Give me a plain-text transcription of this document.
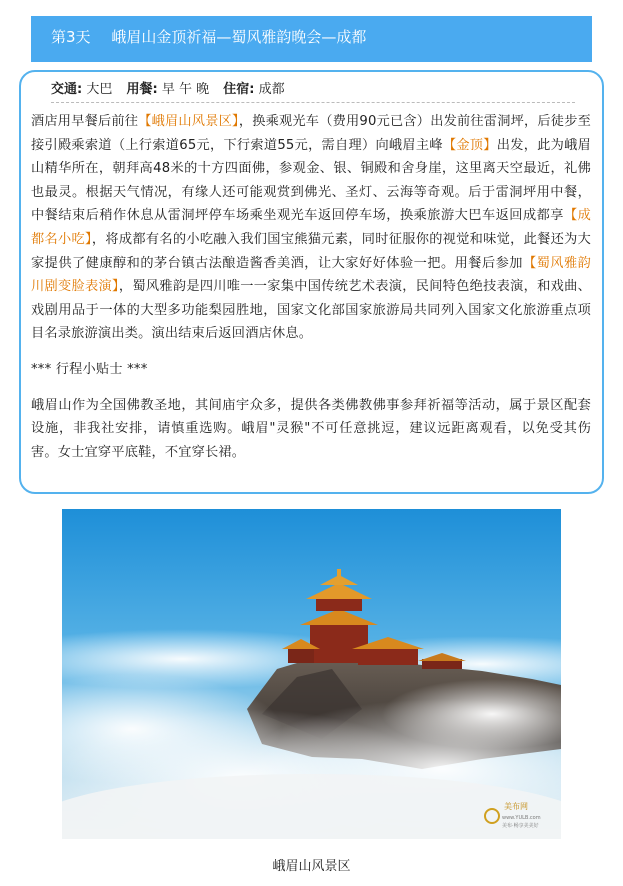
第3天 峨眉山金顶祈福—蜀风雅韵晚会—成都
交通: 大巴 用餐: 早 午 晚 住宿: 成都

酒店用早餐后前往【峨眉山风景区】，换乘观光车（费用90元已含）出发前往雷洞坪，后徒步至接引殿乘索道（上行索道65元，下行索道55元，需自理）向峨眉主峰【金顶】出发，此为峨眉山精华所在，朝拜高48米的十方四面佛，参观金、银、铜殿和舍身崖，这里离天空最近，礼佛也最灵。根据天气情况，有缘人还可能观赏到佛光、圣灯、云海等奇观。后于雷洞坪用中餐，中餐结束后稍作休息从雷洞坪停车场乘坐观光车返回停车场，换乘旅游大巴车返回成都享【成都名小吃】，将成都有名的小吃融入我们国宝熊猫元素，同时征服你的视觉和味觉，此餐还为大家提供了健康醇和的茅台镇古法酿造酱香美酒，让大家好好体验一把。用餐后参加【蜀风雅韵川剧变脸表演】，蜀风雅韵是四川唯一一家集中国传统艺术表演，民间特色绝技表演，和戏曲、戏剧用品于一体的大型多功能梨园胜地，国家文化部国家旅游局共同列入国家文化旅游重点项目名录旅游演出类。演出结束后返回酒店休息。

*** 行程小贴士 ***

峨眉山作为全国佛教圣地，其间庙宇众多，提供各类佛教佛事参拜祈福等活动，属于景区配套设施，非我社安排，请慎重选购。峨眉"灵猴"不可任意挑逗，建议远距离观看，以免受其伤害。女士宜穿平底鞋，不宜穿长裙。

美布网
www.YULB.com
美布·畅享美美好
峨眉山风景区
